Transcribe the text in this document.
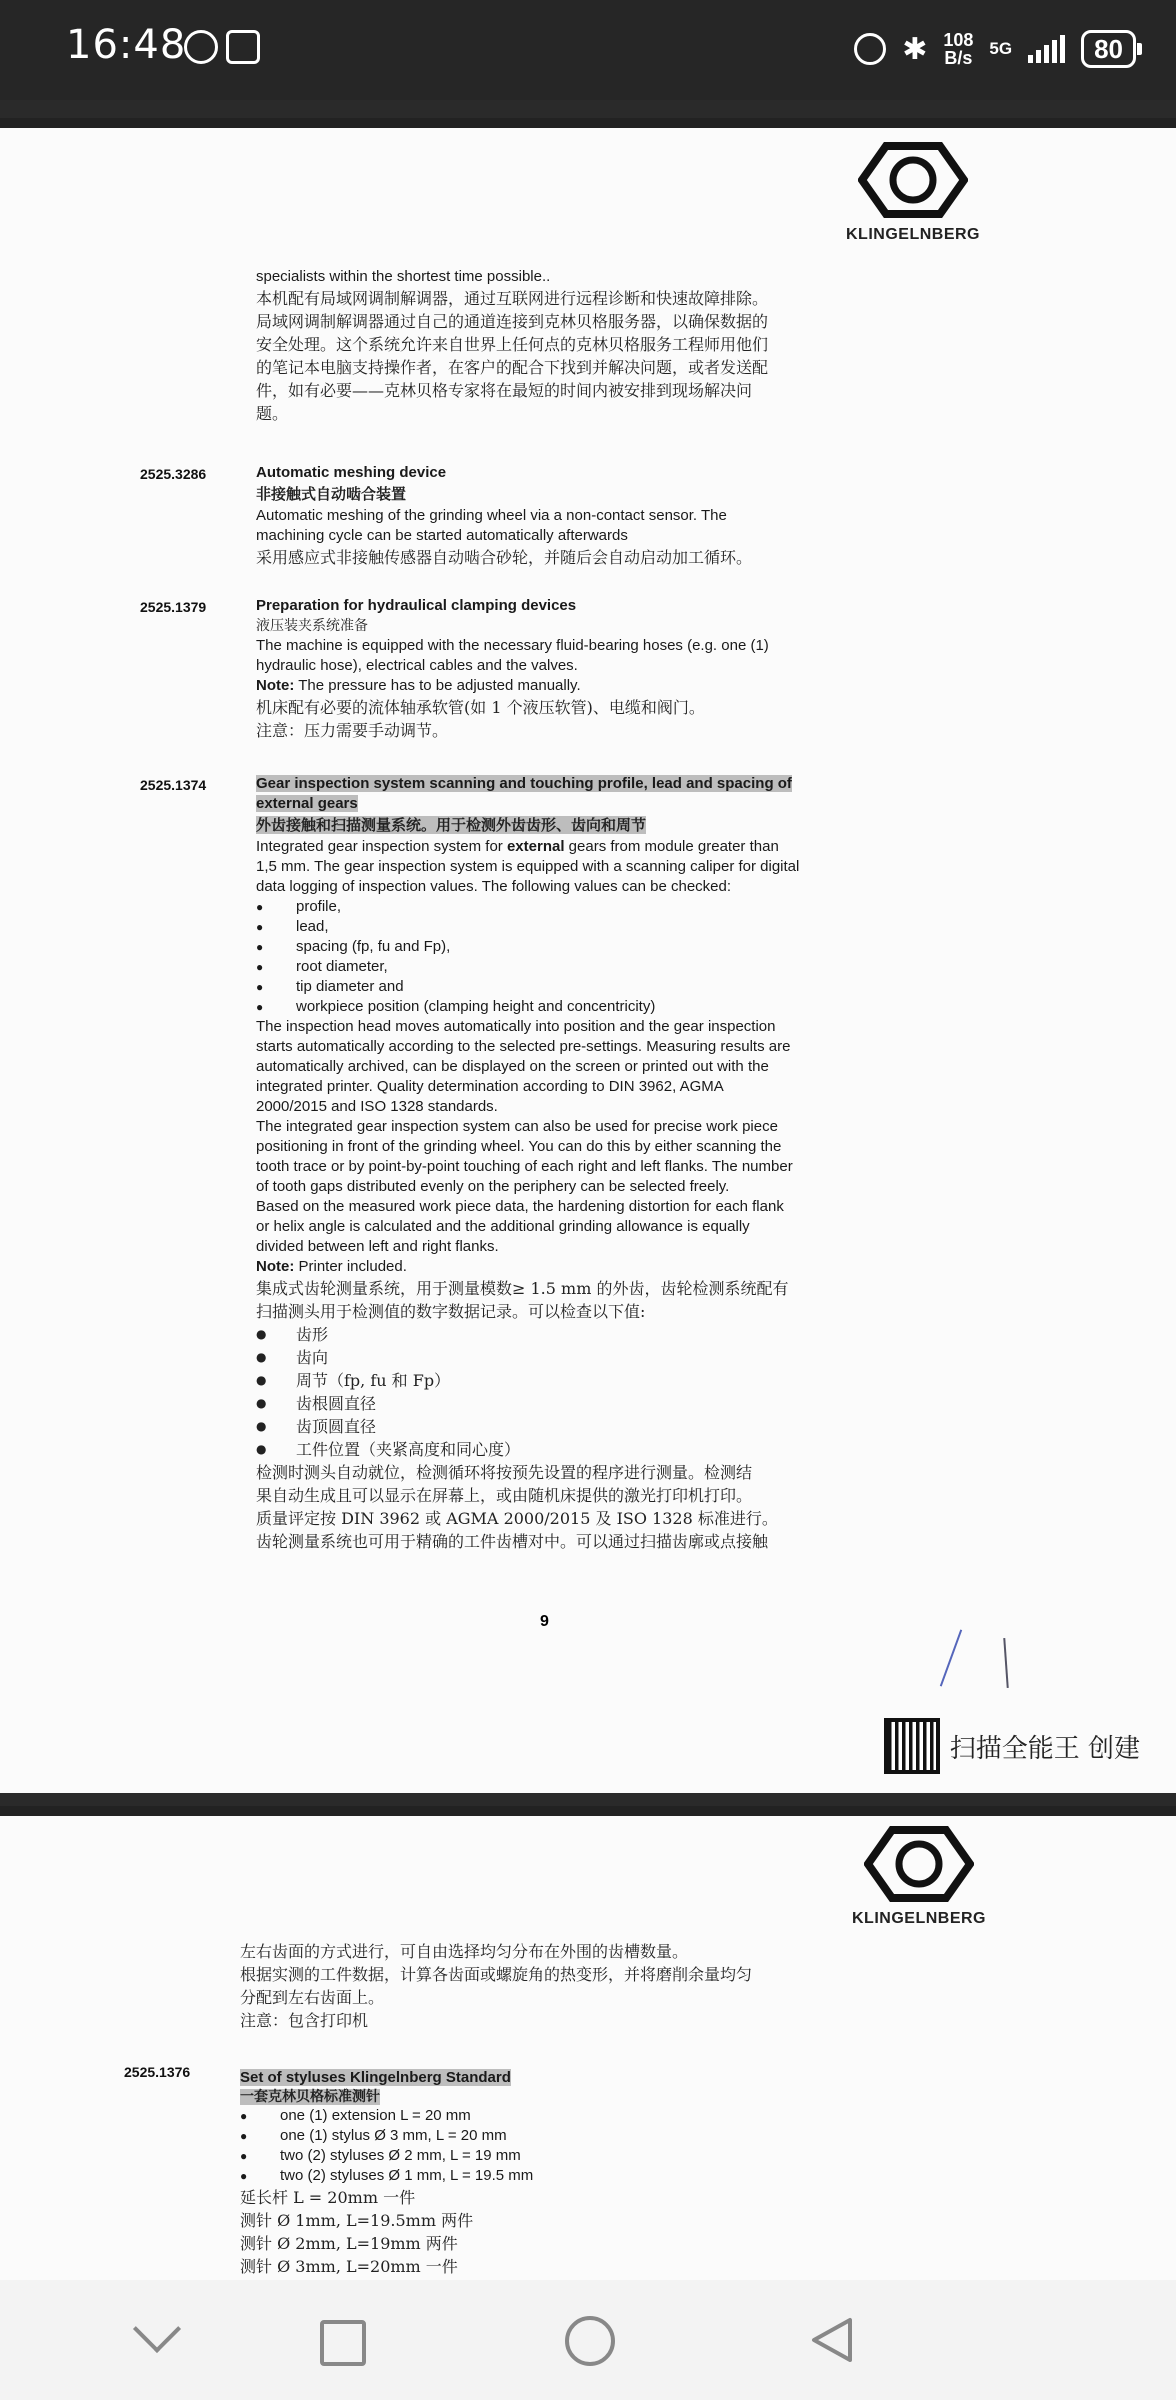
16:48	✱ 108
B/s 5G	80
KLINGELNBERG

specialists within the shortest time possible..

本机配有局域网调制解调器，通过互联网进行远程诊断和快速故障排除。

局域网调制解调器通过自己的通道连接到克林贝格服务器，以确保数据的

安全处理。这个系统允许来自世界上任何点的克林贝格服务工程师用他们

的笔记本电脑支持操作者，在客户的配合下找到并解决问题，或者发送配

件，如有必要——克林贝格专家将在最短的时间内被安排到现场解决问

题。

2525.3286	Automatic meshing device

非接触式自动啮合装置

Automatic meshing of the grinding wheel via a non-contact sensor. The

machining cycle can be started automatically afterwards

采用感应式非接触传感器自动啮合砂轮，并随后会自动启动加工循环。

2525.1379	Preparation for hydraulical clamping devices

液压装夹系统准备

The machine is equipped with the necessary fluid-bearing hoses (e.g. one (1)

hydraulic hose), electrical cables and the valves.

Note: The pressure has to be adjusted manually.

机床配有必要的流体轴承软管(如 1 个液压软管)、电缆和阀门。

注意：压力需要手动调节。

2525.1374	Gear inspection system scanning and touching profile, lead and spacing of

external gears

外齿接触和扫描测量系统。用于检测外齿齿形、齿向和周节

Integrated gear inspection system for external gears from module greater than

1,5 mm. The gear inspection system is equipped with a scanning caliper for digital

data logging of inspection values. The following values can be checked:

● profile,
● lead,
● spacing (fp, fu and Fp),
● root diameter,
● tip diameter and
● workpiece position (clamping height and concentricity)

The inspection head moves automatically into position and the gear inspection

starts automatically according to the selected pre-settings. Measuring results are

automatically archived, can be displayed on the screen or printed out with the

integrated printer. Quality determination according to DIN 3962, AGMA

2000/2015 and ISO 1328 standards.

The integrated gear inspection system can also be used for precise work piece

positioning in front of the grinding wheel. You can do this by either scanning the

tooth trace or by point-by-point touching of each right and left flanks. The number

of tooth gaps distributed evenly on the periphery can be selected freely.

Based on the measured work piece data, the hardening distortion for each flank

or helix angle is calculated and the additional grinding allowance is equally

divided between left and right flanks.

Note: Printer included.

集成式齿轮测量系统，用于测量模数≥ 1.5 mm 的外齿，齿轮检测系统配有

扫描测头用于检测值的数字数据记录。可以检查以下值:

● 齿形
● 齿向
● 周节（fp, fu 和 Fp）
● 齿根圆直径
● 齿顶圆直径
● 工件位置（夹紧高度和同心度）

检测时测头自动就位，检测循环将按预先设置的程序进行测量。检测结

果自动生成且可以显示在屏幕上，或由随机床提供的激光打印机打印。

质量评定按 DIN 3962 或 AGMA 2000/2015 及 ISO 1328 标准进行。

齿轮测量系统也可用于精确的工件齿槽对中。可以通过扫描齿廓或点接触

9
扫描全能王 创建
KLINGELNBERG

左右齿面的方式进行，可自由选择均匀分布在外围的齿槽数量。

根据实测的工件数据，计算各齿面或螺旋角的热变形，并将磨削余量均匀

分配到左右齿面上。

注意：包含打印机

2525.1376	Set of styluses Klingelnberg Standard

一套克林贝格标准测针

● one (1) extension L = 20 mm
● one (1) stylus Ø 3 mm, L = 20 mm
● two (2) styluses Ø 2 mm, L = 19 mm
● two (2) styluses Ø 1 mm, L = 19.5 mm

延长杆 L = 20mm 一件

测针 Ø 1mm, L=19.5mm 两件

测针 Ø 2mm, L=19mm 两件

测针 Ø 3mm, L=20mm 一件
